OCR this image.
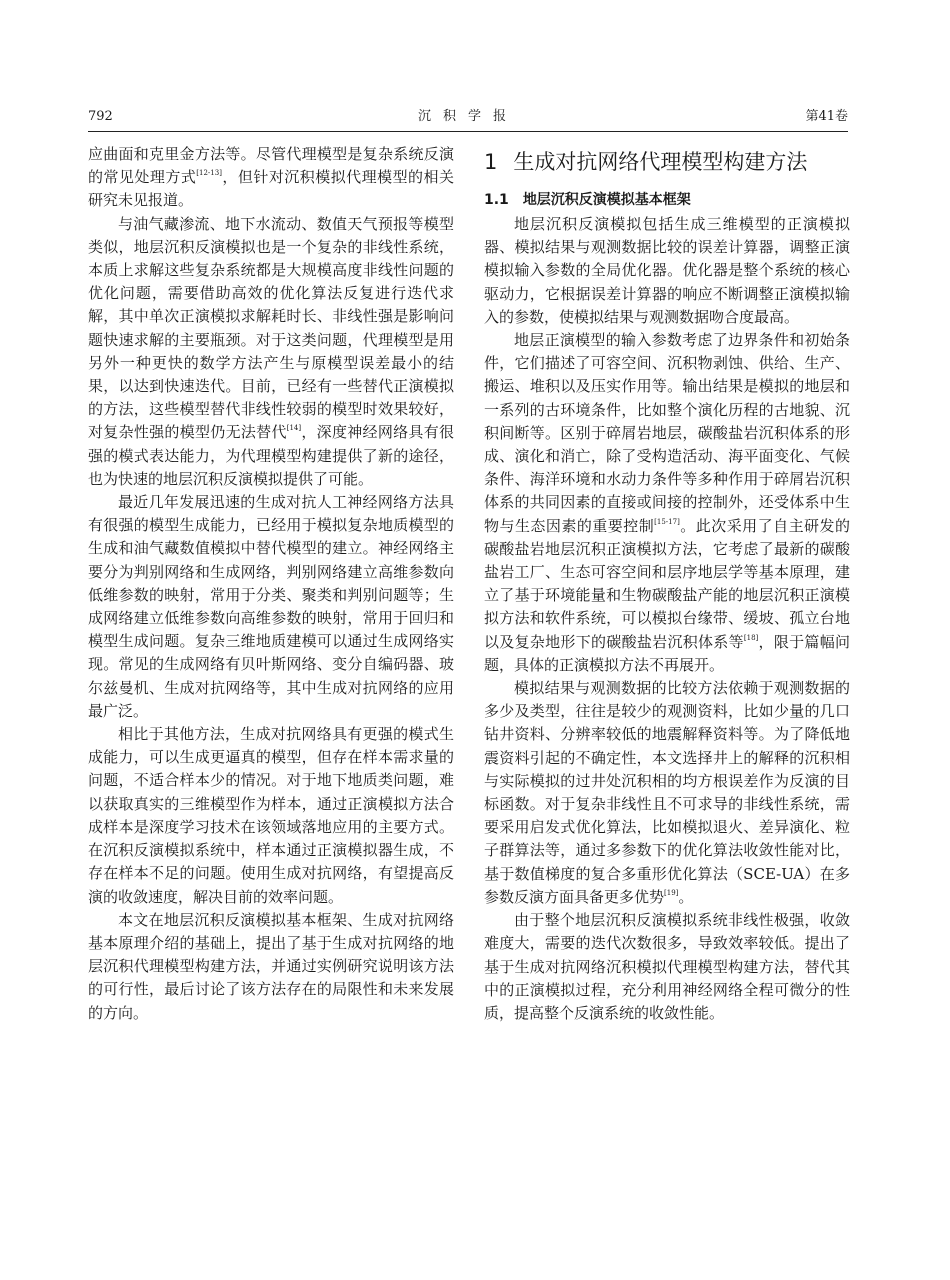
792	沉积学报	第41卷

应曲面和克里金方法等。尽管代理模型是复杂系统反演的常见处理方式[12-13]，但针对沉积模拟代理模型的相关研究未见报道。

与油气藏渗流、地下水流动、数值天气预报等模型类似，地层沉积反演模拟也是一个复杂的非线性系统，本质上求解这些复杂系统都是大规模高度非线性问题的优化问题，需要借助高效的优化算法反复进行迭代求解，其中单次正演模拟求解耗时长、非线性强是影响问题快速求解的主要瓶颈。对于这类问题，代理模型是用另外一种更快的数学方法产生与原模型误差最小的结果，以达到快速迭代。目前，已经有一些替代正演模拟的方法，这些模型替代非线性较弱的模型时效果较好，对复杂性强的模型仍无法替代[14]，深度神经网络具有很强的模式表达能力，为代理模型构建提供了新的途径，也为快速的地层沉积反演模拟提供了可能。

最近几年发展迅速的生成对抗人工神经网络方法具有很强的模型生成能力，已经用于模拟复杂地质模型的生成和油气藏数值模拟中替代模型的建立。神经网络主要分为判别网络和生成网络，判别网络建立高维参数向低维参数的映射，常用于分类、聚类和判别问题等；生成网络建立低维参数向高维参数的映射，常用于回归和模型生成问题。复杂三维地质建模可以通过生成网络实现。常见的生成网络有贝叶斯网络、变分自编码器、玻尔兹曼机、生成对抗网络等，其中生成对抗网络的应用最广泛。

相比于其他方法，生成对抗网络具有更强的模式生成能力，可以生成更逼真的模型，但存在样本需求量的问题，不适合样本少的情况。对于地下地质类问题，难以获取真实的三维模型作为样本，通过正演模拟方法合成样本是深度学习技术在该领域落地应用的主要方式。在沉积反演模拟系统中，样本通过正演模拟器生成，不存在样本不足的问题。使用生成对抗网络，有望提高反演的收敛速度，解决目前的效率问题。

本文在地层沉积反演模拟基本框架、生成对抗网络基本原理介绍的基础上，提出了基于生成对抗网络的地层沉积代理模型构建方法，并通过实例研究说明该方法的可行性，最后讨论了该方法存在的局限性和未来发展的方向。

1 生成对抗网络代理模型构建方法
1.1 地层沉积反演模拟基本框架

地层沉积反演模拟包括生成三维模型的正演模拟器、模拟结果与观测数据比较的误差计算器，调整正演模拟输入参数的全局优化器。优化器是整个系统的核心驱动力，它根据误差计算器的响应不断调整正演模拟输入的参数，使模拟结果与观测数据吻合度最高。

地层正演模型的输入参数考虑了边界条件和初始条件，它们描述了可容空间、沉积物剥蚀、供给、生产、搬运、堆积以及压实作用等。输出结果是模拟的地层和一系列的古环境条件，比如整个演化历程的古地貌、沉积间断等。区别于碎屑岩地层，碳酸盐岩沉积体系的形成、演化和消亡，除了受构造活动、海平面变化、气候条件、海洋环境和水动力条件等多种作用于碎屑岩沉积体系的共同因素的直接或间接的控制外，还受体系中生物与生态因素的重要控制[15-17]。此次采用了自主研发的碳酸盐岩地层沉积正演模拟方法，它考虑了最新的碳酸盐岩工厂、生态可容空间和层序地层学等基本原理，建立了基于环境能量和生物碳酸盐产能的地层沉积正演模拟方法和软件系统，可以模拟台缘带、缓坡、孤立台地以及复杂地形下的碳酸盐岩沉积体系等[18]，限于篇幅问题，具体的正演模拟方法不再展开。

模拟结果与观测数据的比较方法依赖于观测数据的多少及类型，往往是较少的观测资料，比如少量的几口钻井资料、分辨率较低的地震解释资料等。为了降低地震资料引起的不确定性，本文选择井上的解释的沉积相与实际模拟的过井处沉积相的均方根误差作为反演的目标函数。对于复杂非线性且不可求导的非线性系统，需要采用启发式优化算法，比如模拟退火、差异演化、粒子群算法等，通过多参数下的优化算法收敛性能对比，基于数值梯度的复合多重形优化算法（SCE-UA）在多参数反演方面具备更多优势[19]。

由于整个地层沉积反演模拟系统非线性极强，收敛难度大，需要的迭代次数很多，导致效率较低。提出了基于生成对抗网络沉积模拟代理模型构建方法，替代其中的正演模拟过程，充分利用神经网络全程可微分的性质，提高整个反演系统的收敛性能。
